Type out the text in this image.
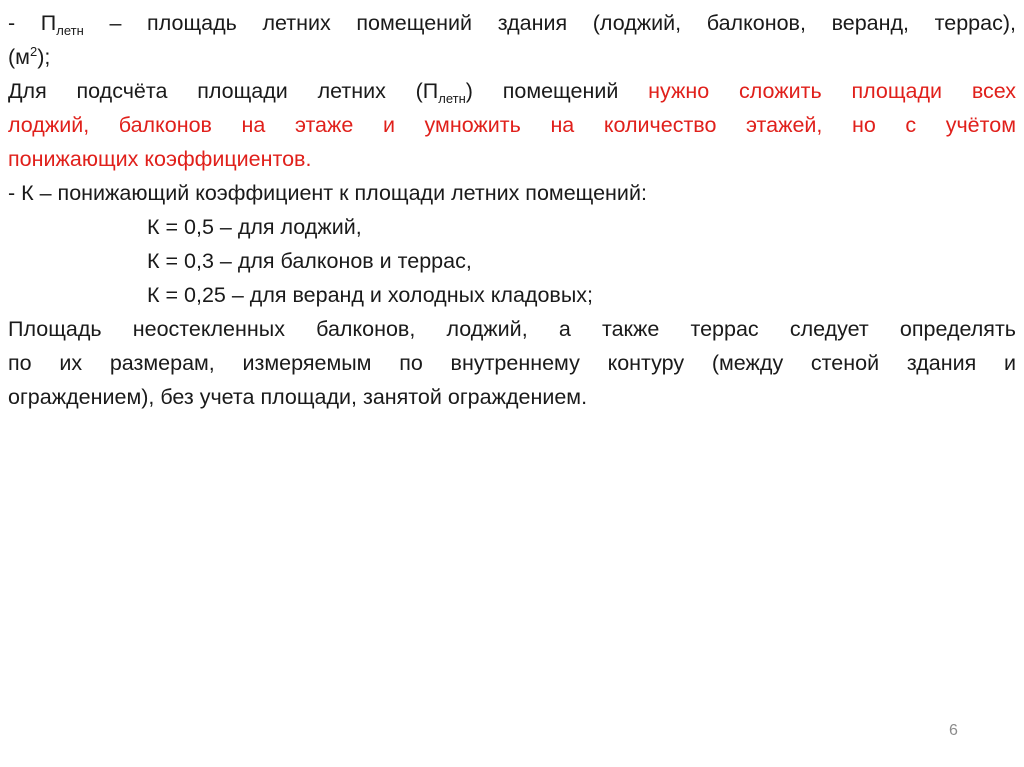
- $П_{летн}$ – площадь летних помещений здания (лоджий, балконов, веранд, террас),
$(м^2)$;
Для подсчёта площади летних $(П_{летн})$ помещений нужно сложить площади всех
лоджий, балконов на этаже и умножить на количество этажей, но с учётом
понижающих коэффициентов.
- К – понижающий коэффициент к площади летних помещений:
К = 0,5 – для лоджий,
К = 0,3 – для балконов и террас,
К = 0,25 – для веранд и холодных кладовых;
Площадь неостекленных балконов, лоджий, а также террас следует определять
по их размерам, измеряемым по внутреннему контуру (между стеной здания и
ограждением), без учета площади, занятой ограждением.
6
